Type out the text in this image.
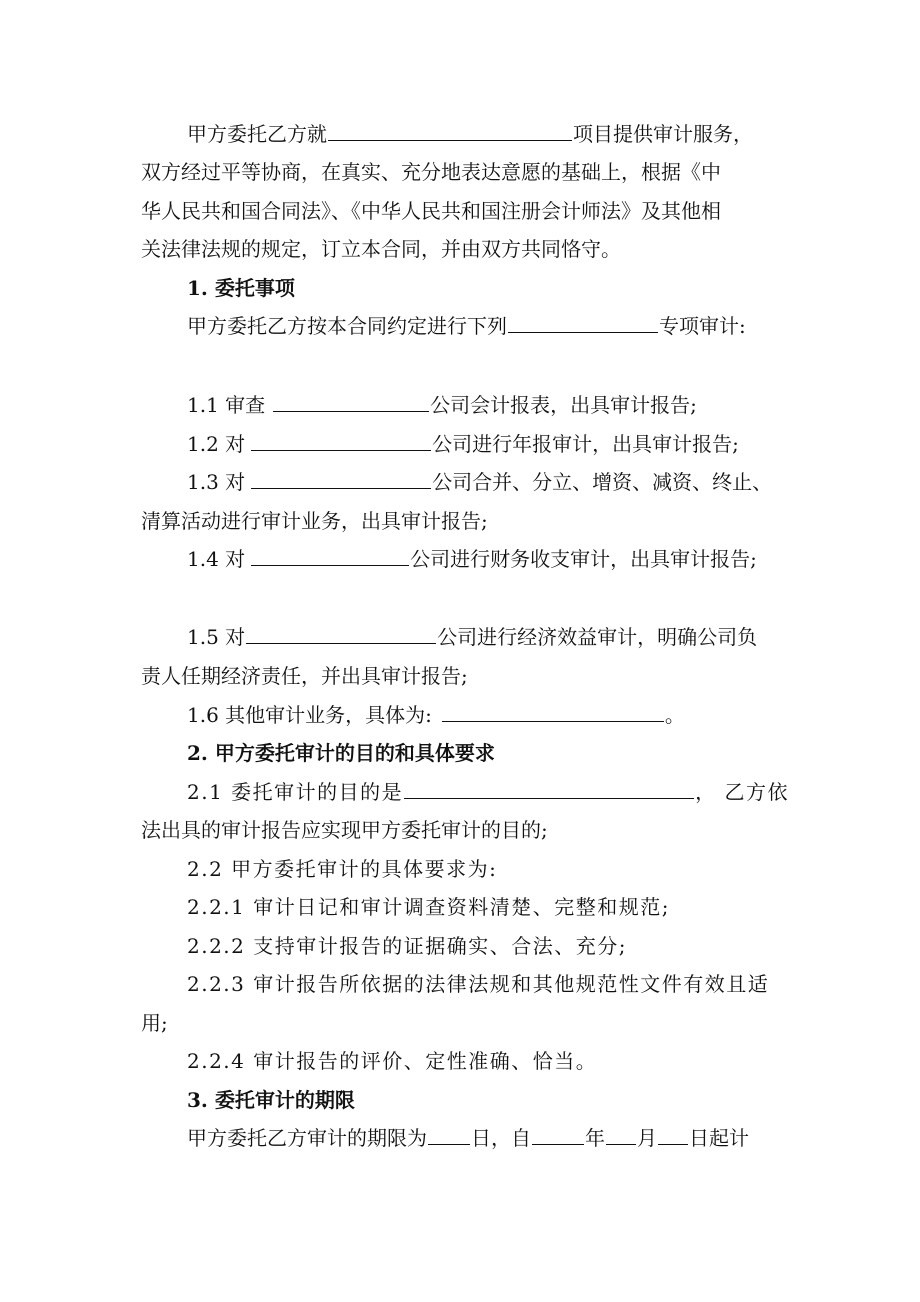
甲方委托乙方就	项目提供审计服务，
双方经过平等协商，在真实、充分地表达意愿的基础上，根据《中
华人民共和国合同法》、《中华人民共和国注册会计师法》及其他相
关法律法规的规定，订立本合同，并由双方共同恪守。
1. 委托事项
甲方委托乙方按本合同约定进行下列	专项审计:
1.1 审查	公司会计报表，出具审计报告;
1.2 对	公司进行年报审计，出具审计报告;
1.3 对	公司合并、分立、增资、减资、终止、
清算活动进行审计业务，出具审计报告;
1.4 对	公司进行财务收支审计，出具审计报告;
1.5 对	公司进行经济效益审计，明确公司负
责人任期经济责任，并出具审计报告;
1.6 其他审计业务，具体为:	。
2. 甲方委托审计的目的和具体要求
2.1 委托审计的目的是	， 乙方依
法出具的审计报告应实现甲方委托审计的目的;
2.2 甲方委托审计的具体要求为:
2.2.1 审计日记和审计调查资料清楚、完整和规范;
2.2.2 支持审计报告的证据确实、合法、充分;
2.2.3 审计报告所依据的法律法规和其他规范性文件有效且适
用;
2.2.4 审计报告的评价、定性准确、恰当。
3. 委托审计的期限
甲方委托乙方审计的期限为 日，自	年 月 日起计
